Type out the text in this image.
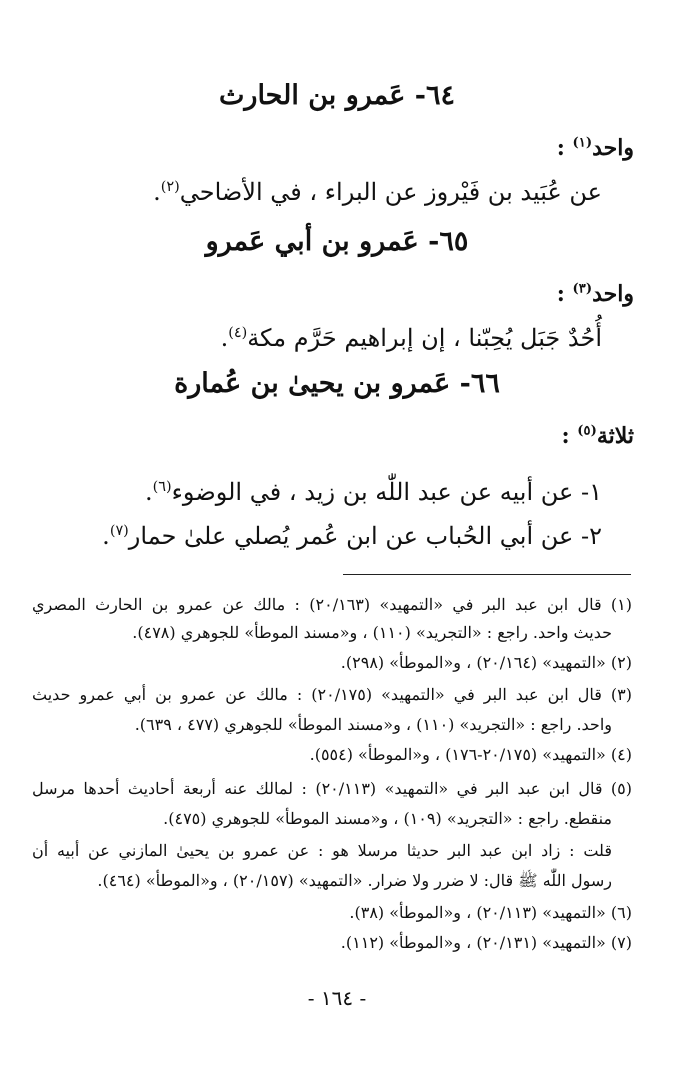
٦٤- عَمرو بن الحارث
واحد$^{(١)}$ :
عن عُبَيد بن فَيْروز عن البراء ، في الأضاحي$^{(٢)}$.
٦٥- عَمرو بن أبي عَمرو
واحد$^{(٣)}$ :
أُحُدٌ جَبَل يُحِبّنا ، إن إبراهيم حَرَّم مكة$^{(٤)}$.
٦٦- عَمرو بن يحيىٰ بن عُمارة
ثلاثة$^{(٥)}$ :
١- عن أبيه عن عبد اللّٰه بن زيد ، في الوضوء$^{(٦)}$.
٢- عن أبي الحُباب عن ابن عُمر يُصلي علىٰ حمار$^{(٧)}$.
(١) قال ابن عبد البر في «التمهيد» (٢٠/١٦٣) : مالك عن عمرو بن الحارث المصري
حديث واحد. راجع : «التجريد» (١١٠) ، و«مسند الموطأ» للجوهري (٤٧٨).
(٢) «التمهيد» (٢٠/١٦٤) ، و«الموطأ» (٢٩٨).
(٣) قال ابن عبد البر في «التمهيد» (٢٠/١٧٥) : مالك عن عمرو بن أبي عمرو حديث
واحد. راجع : «التجريد» (١١٠) ، و«مسند الموطأ» للجوهري (٤٧٧ ، ٦٣٩).
(٤) «التمهيد» (٢٠/١٧٥-١٧٦) ، و«الموطأ» (٥٥٤).
(٥) قال ابن عبد البر في «التمهيد» (٢٠/١١٣) : لمالك عنه أربعة أحاديث أحدها مرسل
منقطع. راجع : «التجريد» (١٠٩) ، و«مسند الموطأ» للجوهري (٤٧٥).
قلت : زاد ابن عبد البر حديثا مرسلا هو : عن عمرو بن يحيىٰ المازني عن أبيه أن
رسول اللّٰه ﷺ قال: لا ضرر ولا ضرار. «التمهيد» (٢٠/١٥٧) ، و«الموطأ» (٤٦٤).
(٦) «التمهيد» (٢٠/١١٣) ، و«الموطأ» (٣٨).
(٧) «التمهيد» (٢٠/١٣١) ، و«الموطأ» (١١٢).
- ١٦٤ -
